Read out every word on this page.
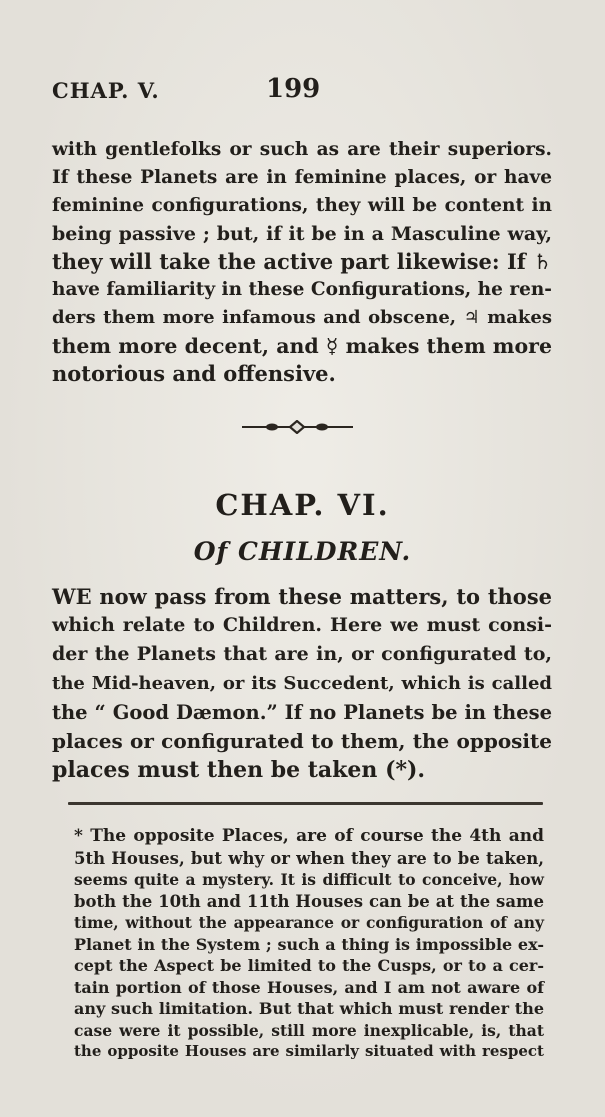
CHAP. V.	199
with gentlefolks or such as are their superiors.
If these Planets are in feminine places, or have
feminine configurations, they will be content in
being passive ; but, if it be in a Masculine way,
they will take the active part likewise: If ♄
have familiarity in these Configurations, he ren-
ders them more infamous and obscene, ♃ makes
them more decent, and ☿ makes them more
notorious and offensive.
CHAP. VI.
Of CHILDREN.
WE now pass from these matters, to those
which relate to Children. Here we must consi-
der the Planets that are in, or configurated to,
the Mid-heaven, or its Succedent, which is called
the “ Good Dæmon.” If no Planets be in these
places or configurated to them, the opposite
places must then be taken (*).
* The opposite Places, are of course the 4th and
5th Houses, but why or when they are to be taken,
seems quite a mystery. It is difficult to conceive, how
both the 10th and 11th Houses can be at the same
time, without the appearance or configuration of any
Planet in the System ; such a thing is impossible ex-
cept the Aspect be limited to the Cusps, or to a cer-
tain portion of those Houses, and I am not aware of
any such limitation. But that which must render the
case were it possible, still more inexplicable, is, that
the opposite Houses are similarly situated with respect
